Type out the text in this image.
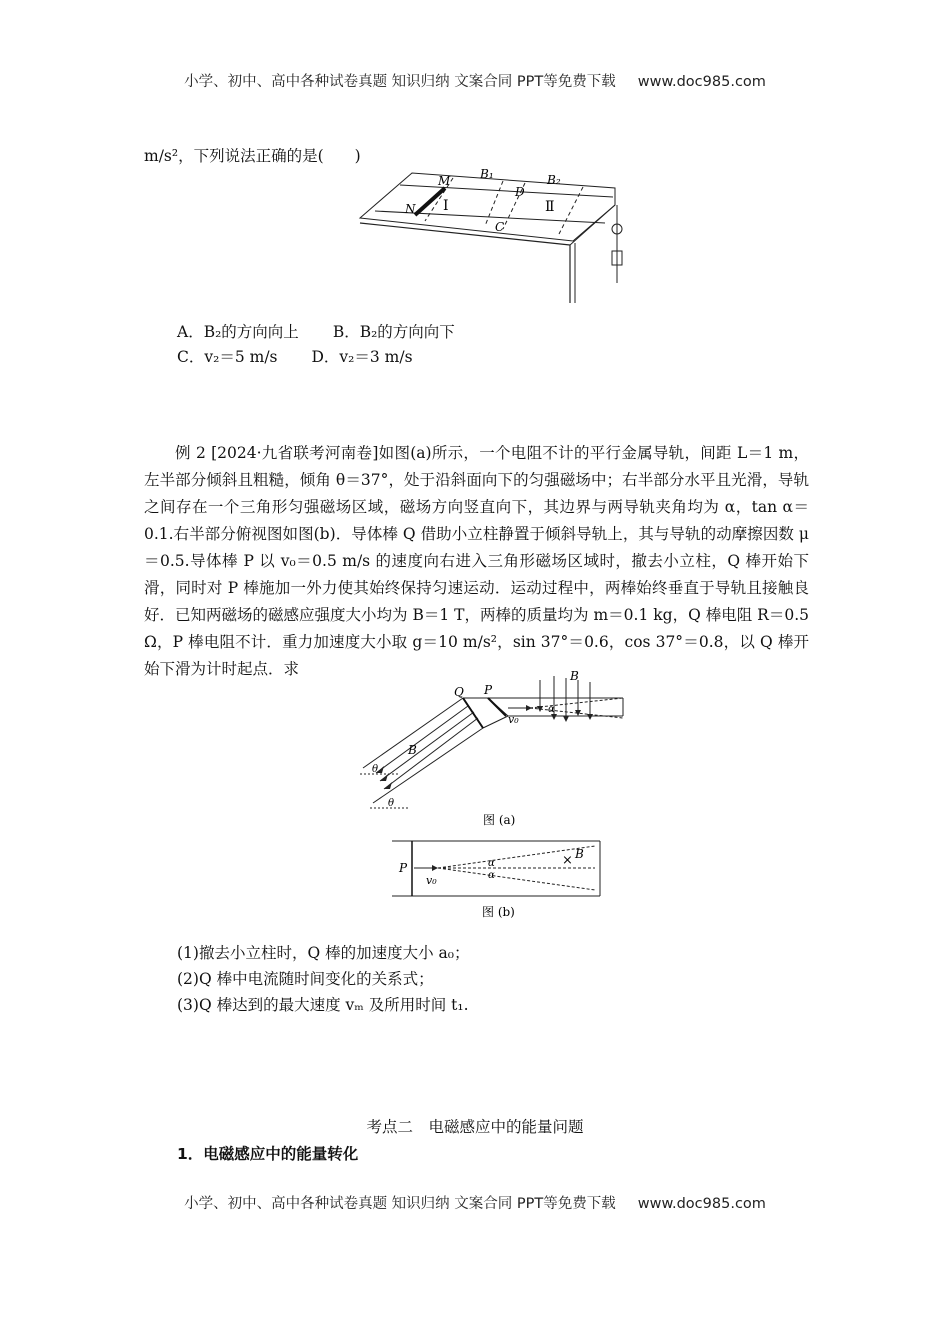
小学、初中、高中各种试卷真题 知识归纳 文案合同 PPT等免费下载 www.doc985.com
m/s²，下列说法正确的是(　　)
M
N
B₁	B₂
D
C
Ⅰ	Ⅱ
A．B₂的方向向上 B．B₂的方向向下
C．v₂＝5 m/s D．v₂＝3 m/s
例 2 [2024·九省联考河南卷]如图(a)所示，一个电阻不计的平行金属导轨，间距 L＝1 m，左半部分倾斜且粗糙，倾角 θ＝37°，处于沿斜面向下的匀强磁场中；右半部分水平且光滑，导轨之间存在一个三角形匀强磁场区域，磁场方向竖直向下，其边界与两导轨夹角均为 α，tan α＝0.1.右半部分俯视图如图(b)．导体棒 Q 借助小立柱静置于倾斜导轨上，其与导轨的动摩擦因数 μ＝0.5.导体棒 P 以 v₀＝0.5 m/s 的速度向右进入三角形磁场区域时，撤去小立柱，Q 棒开始下滑，同时对 P 棒施加一外力使其始终保持匀速运动．运动过程中，两棒始终垂直于导轨且接触良好．已知两磁场的磁感应强度大小均为 B＝1 T，两棒的质量均为 m＝0.1 kg，Q 棒电阻 R＝0.5 Ω，P 棒电阻不计．重力加速度大小取 g＝10 m/s²，sin 37°＝0.6，cos 37°＝0.8，以 Q 棒开始下滑为计时起点．求
Q P
B
B
v₀
α
θ
θ
图 (a)
P
v₀
α
α
× B
图 (b)
(1)撤去小立柱时，Q 棒的加速度大小 a₀；
(2)Q 棒中电流随时间变化的关系式；
(3)Q 棒达到的最大速度 vₘ 及所用时间 t₁.
考点二　电磁感应中的能量问题
1．电磁感应中的能量转化
小学、初中、高中各种试卷真题 知识归纳 文案合同 PPT等免费下载 www.doc985.com
